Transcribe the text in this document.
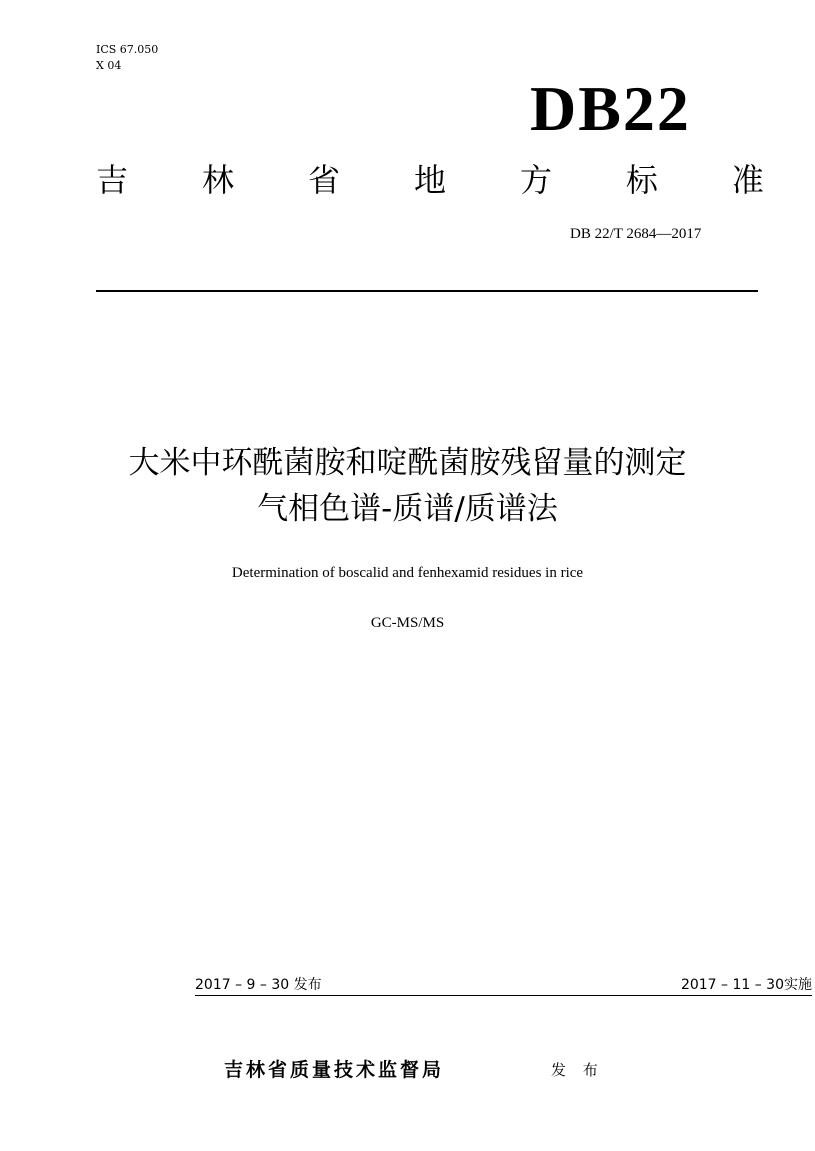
ICS 67.050
X 04
DB22
吉 林 省 地 方 标 准
DB 22/T 2684—2017
大米中环酰菌胺和啶酰菌胺残留量的测定
气相色谱-质谱/质谱法
Determination of boscalid and fenhexamid residues in rice
GC-MS/MS
2017 – 9 – 30 发布	2017 – 11 – 30实施
吉林省质量技术监督局	发 布
